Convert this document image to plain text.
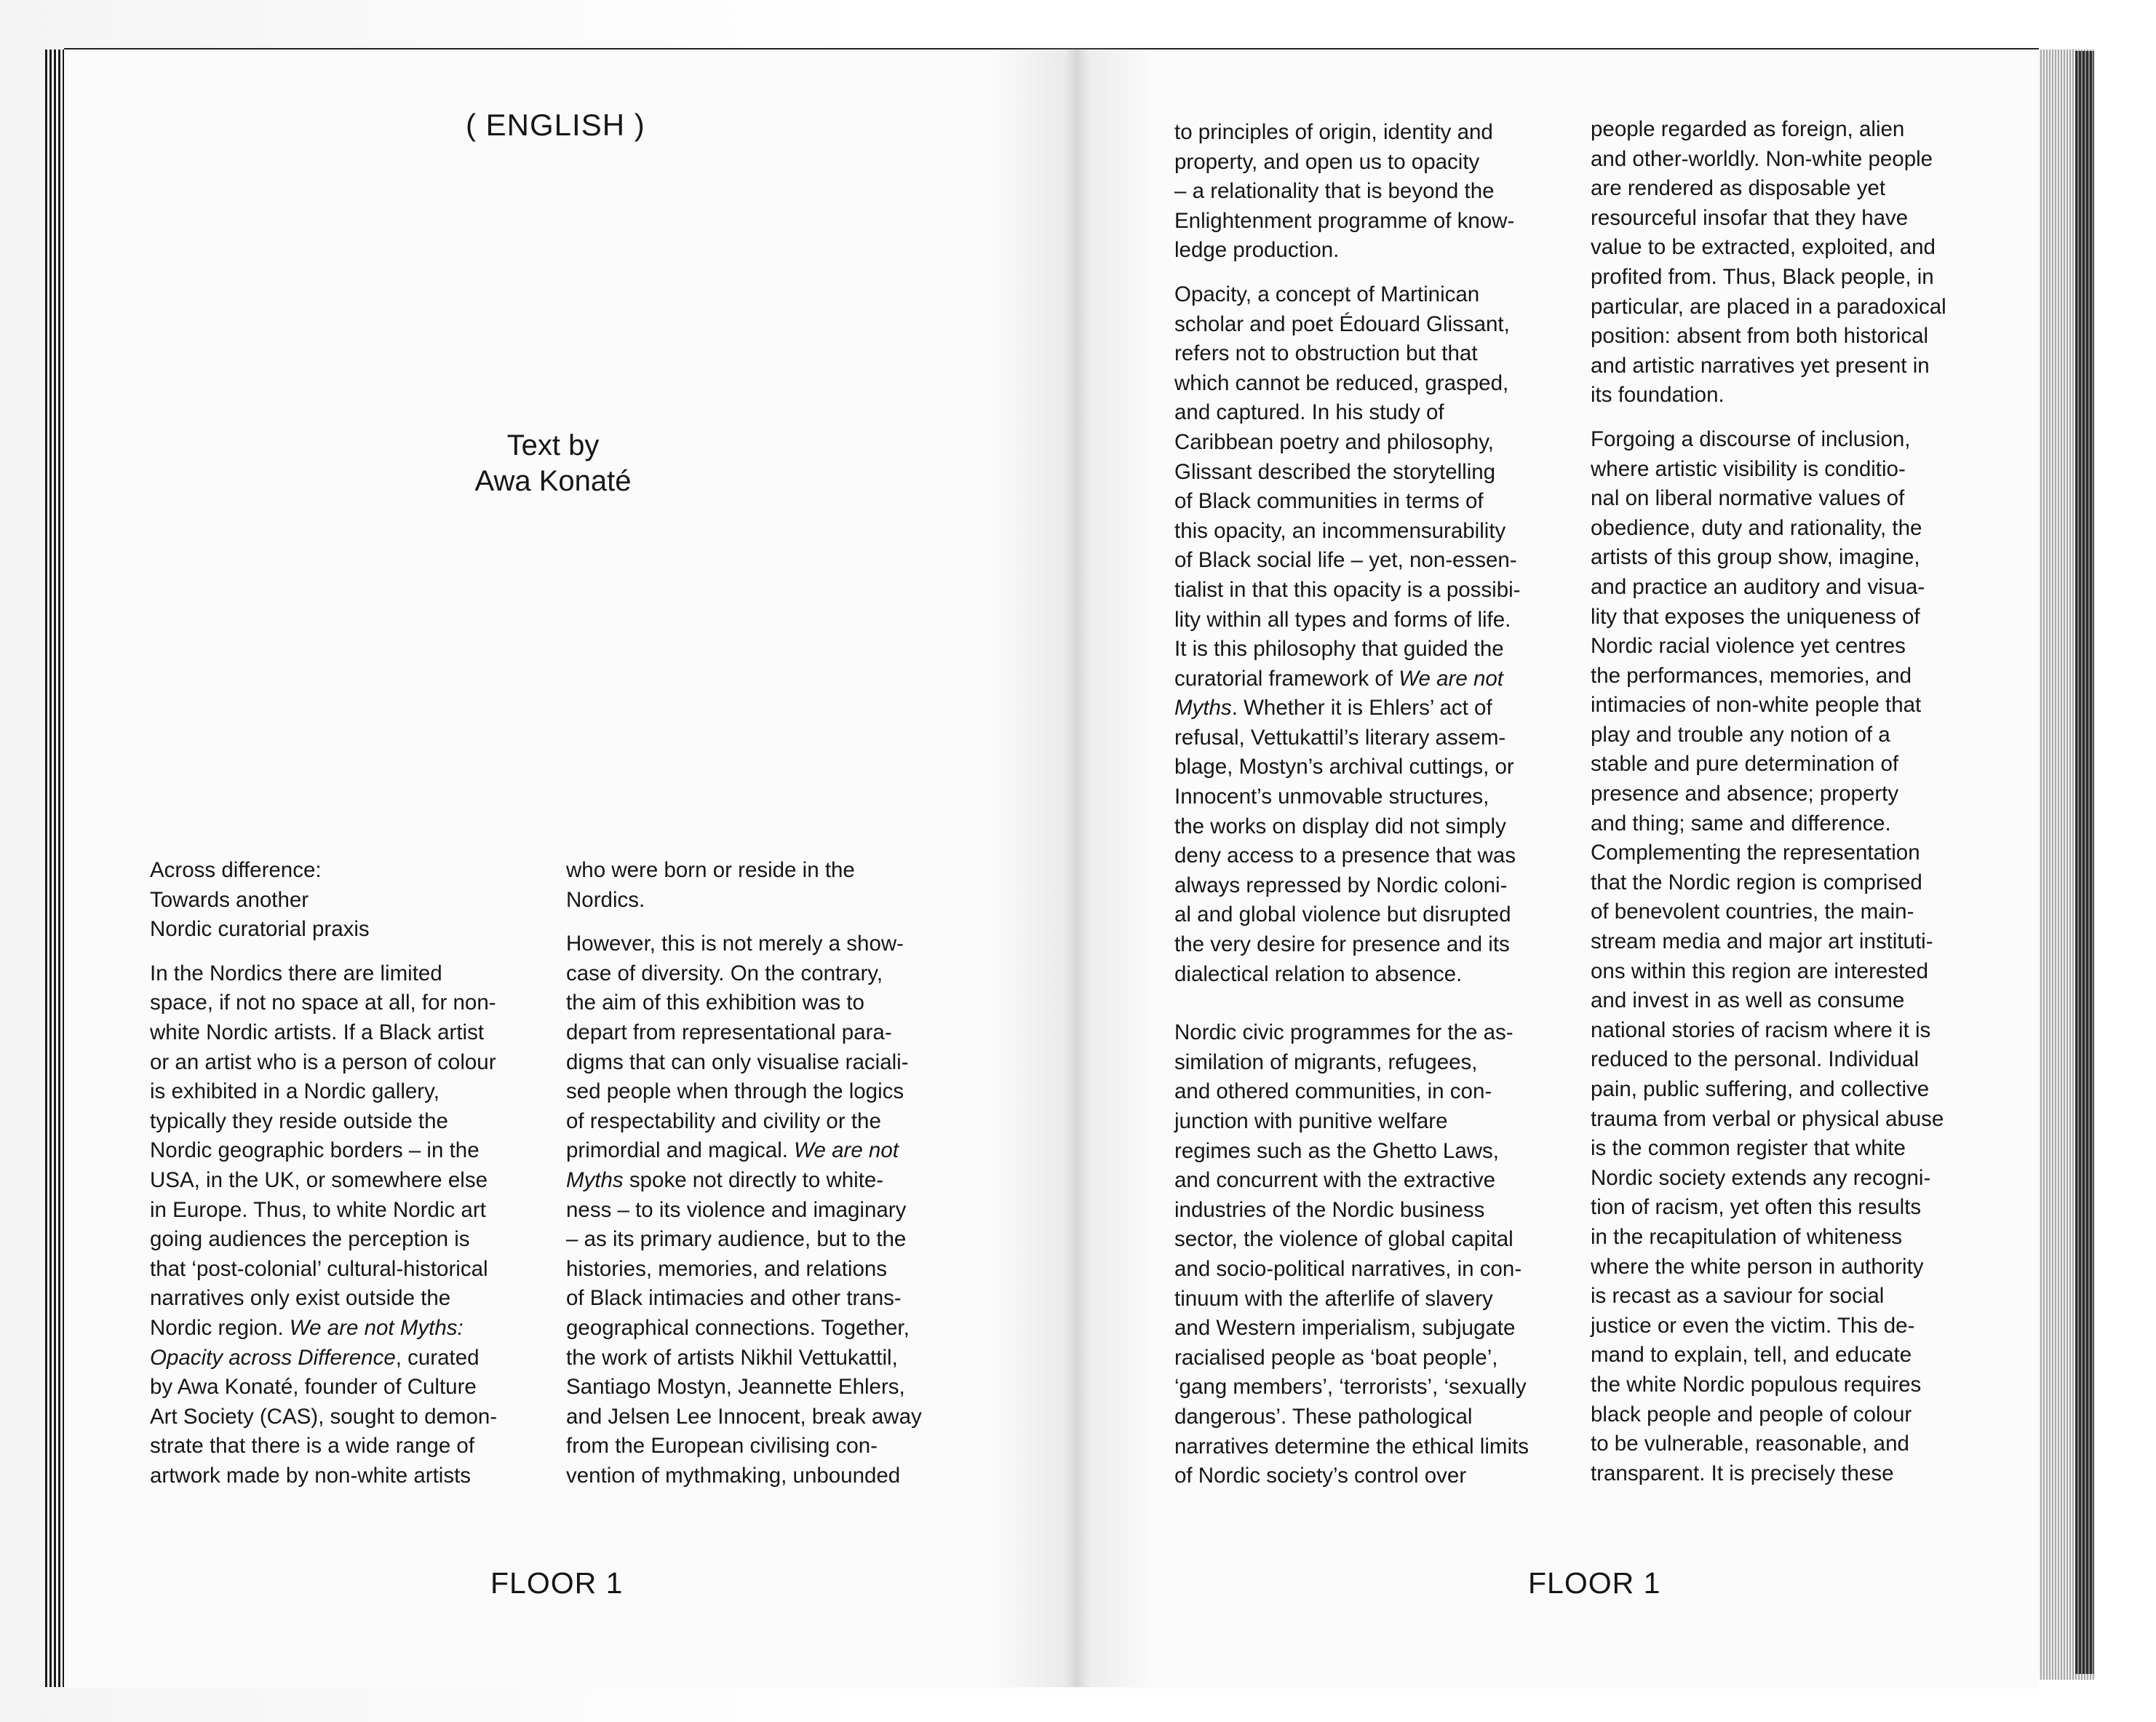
( ENGLISH )
Text by
Awa Konaté

Across difference:

Towards another

Nordic curatorial praxis

In the Nordics there are limited

space, if not no space at all, for non-

white Nordic artists. If a Black artist

or an artist who is a person of colour

is exhibited in a Nordic gallery,

typically they reside outside the

Nordic geographic borders – in the

USA, in the UK, or somewhere else

in Europe. Thus, to white Nordic art

going audiences the perception is

that ‘post-colonial’ cultural-historical

narratives only exist outside the

Nordic region. We are not Myths:

Opacity across Difference, curated

by Awa Konaté, founder of Culture

Art Society (CAS), sought to demon-

strate that there is a wide range of

artwork made by non-white artists

who were born or reside in the

Nordics.

However, this is not merely a show-

case of diversity. On the contrary,

the aim of this exhibition was to

depart from representational para-

digms that can only visualise raciali-

sed people when through the logics

of respectability and civility or the

primordial and magical. We are not

Myths spoke not directly to white-

ness – to its violence and imaginary

– as its primary audience, but to the

histories, memories, and relations

of Black intimacies and other trans-

geographical connections. Together,

the work of artists Nikhil Vettukattil,

Santiago Mostyn, Jeannette Ehlers,

and Jelsen Lee Innocent, break away

from the European civilising con-

vention of mythmaking, unbounded

FLOOR 1

to principles of origin, identity and

property, and open us to opacity

– a relationality that is beyond the

Enlightenment programme of know-

ledge production.

Opacity, a concept of Martinican

scholar and poet Édouard Glissant,

refers not to obstruction but that

which cannot be reduced, grasped,

and captured. In his study of

Caribbean poetry and philosophy,

Glissant described the storytelling

of Black communities in terms of

this opacity, an incommensurability

of Black social life – yet, non-essen-

tialist in that this opacity is a possibi-

lity within all types and forms of life.

It is this philosophy that guided the

curatorial framework of We are not

Myths. Whether it is Ehlers’ act of

refusal, Vettukattil’s literary assem-

blage, Mostyn’s archival cuttings, or

Innocent’s unmovable structures,

the works on display did not simply

deny access to a presence that was

always repressed by Nordic coloni-

al and global violence but disrupted

the very desire for presence and its

dialectical relation to absence.

Nordic civic programmes for the as-

similation of migrants, refugees,

and othered communities, in con-

junction with punitive welfare

regimes such as the Ghetto Laws,

and concurrent with the extractive

industries of the Nordic business

sector, the violence of global capital

and socio-political narratives, in con-

tinuum with the afterlife of slavery

and Western imperialism, subjugate

racialised people as ‘boat people’,

‘gang members’, ‘terrorists’, ‘sexually

dangerous’. These pathological

narratives determine the ethical limits

of Nordic society’s control over

people regarded as foreign, alien

and other-worldly. Non-white people

are rendered as disposable yet

resourceful insofar that they have

value to be extracted, exploited, and

profited from. Thus, Black people, in

particular, are placed in a paradoxical

position: absent from both historical

and artistic narratives yet present in

its foundation.

Forgoing a discourse of inclusion,

where artistic visibility is conditio-

nal on liberal normative values of

obedience, duty and rationality, the

artists of this group show, imagine,

and practice an auditory and visua-

lity that exposes the uniqueness of

Nordic racial violence yet centres

the performances, memories, and

intimacies of non-white people that

play and trouble any notion of a

stable and pure determination of

presence and absence; property

and thing; same and difference.

Complementing the representation

that the Nordic region is comprised

of benevolent countries, the main-

stream media and major art instituti-

ons within this region are interested

and invest in as well as consume

national stories of racism where it is

reduced to the personal. Individual

pain, public suffering, and collective

trauma from verbal or physical abuse

is the common register that white

Nordic society extends any recogni-

tion of racism, yet often this results

in the recapitulation of whiteness

where the white person in authority

is recast as a saviour for social

justice or even the victim. This de-

mand to explain, tell, and educate

the white Nordic populous requires

black people and people of colour

to be vulnerable, reasonable, and

transparent. It is precisely these

FLOOR 1
